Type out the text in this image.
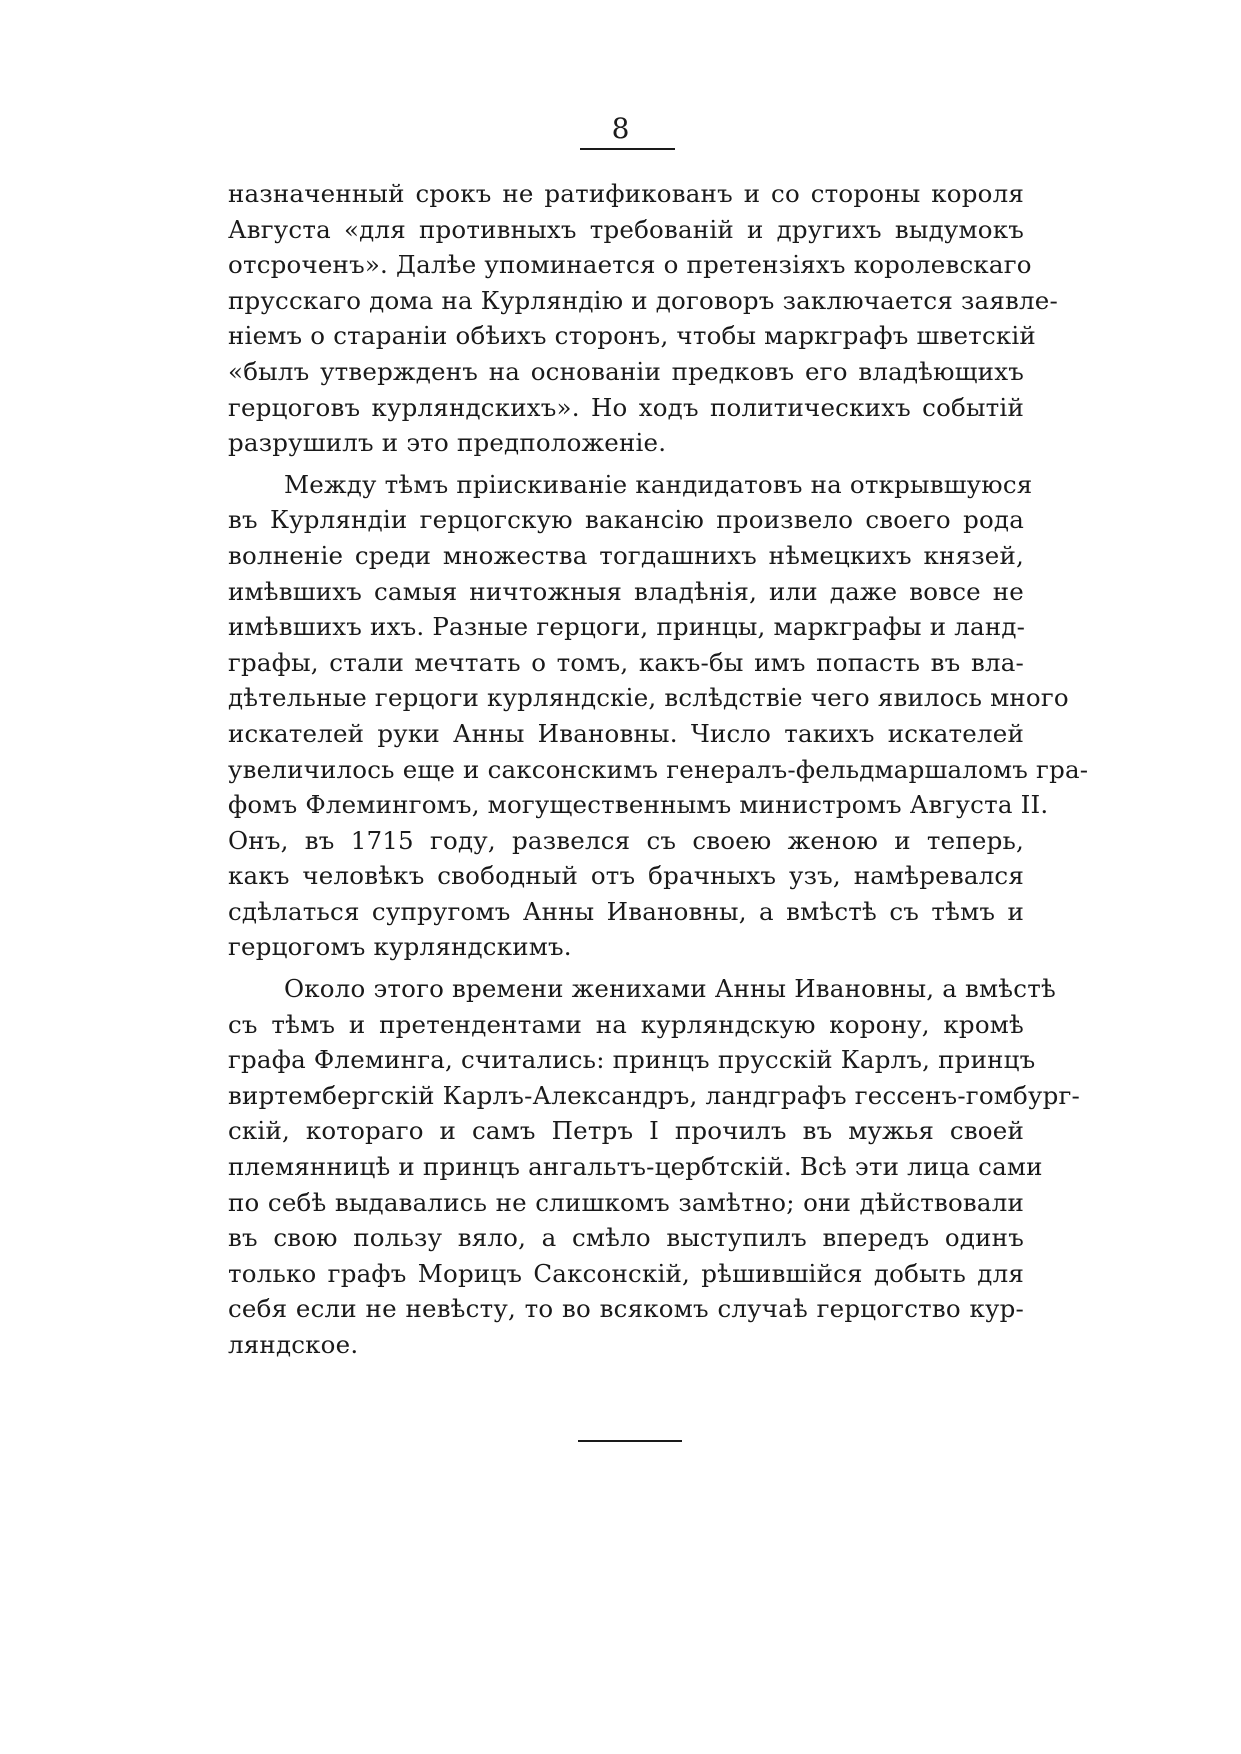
8
назначенный срокъ не ратификованъ и со стороны короля
Августа «для противныхъ требованій и другихъ выдумокъ
отсроченъ». Далѣе упоминается о претензіяхъ королевскаго
прусскаго дома на Курляндію и договоръ заключается заявле-
ніемъ о стараніи обѣихъ сторонъ, чтобы маркграфъ шветскій
«былъ утвержденъ на основаніи предковъ его владѣющихъ
герцоговъ курляндскихъ». Но ходъ политическихъ событій
разрушилъ и это предположеніе.
Между тѣмъ пріискиваніе кандидатовъ на открывшуюся
въ Курляндіи герцогскую вакансію произвело своего рода
волненіе среди множества тогдашнихъ нѣмецкихъ князей,
имѣвшихъ самыя ничтожныя владѣнія, или даже вовсе не
имѣвшихъ ихъ. Разные герцоги, принцы, маркграфы и ланд-
графы, стали мечтать о томъ, какъ-бы имъ попасть въ вла-
дѣтельные герцоги курляндскіе, вслѣдствіе чего явилось много
искателей руки Анны Ивановны. Число такихъ искателей
увеличилось еще и саксонскимъ генералъ-фельдмаршаломъ гра-
фомъ Флемингомъ, могущественнымъ министромъ Августа II.
Онъ, въ 1715 году, развелся съ своею женою и теперь,
какъ человѣкъ свободный отъ брачныхъ узъ, намѣревался
сдѣлаться супругомъ Анны Ивановны, а вмѣстѣ съ тѣмъ и
герцогомъ курляндскимъ.
Около этого времени женихами Анны Ивановны, а вмѣстѣ
съ тѣмъ и претендентами на курляндскую корону, кромѣ
графа Флеминга, считались: принцъ прусскій Карлъ, принцъ
виртембергскій Карлъ-Александръ, ландграфъ гессенъ-гомбург-
скій, котораго и самъ Петръ I прочилъ въ мужья своей
племянницѣ и принцъ ангальтъ-цербтскій. Всѣ эти лица сами
по себѣ выдавались не слишкомъ замѣтно; они дѣйствовали
въ свою пользу вяло, а смѣло выступилъ впередъ одинъ
только графъ Морицъ Саксонскій, рѣшившійся добыть для
себя если не невѣсту, то во всякомъ случаѣ герцогство кур-
ляндское.
